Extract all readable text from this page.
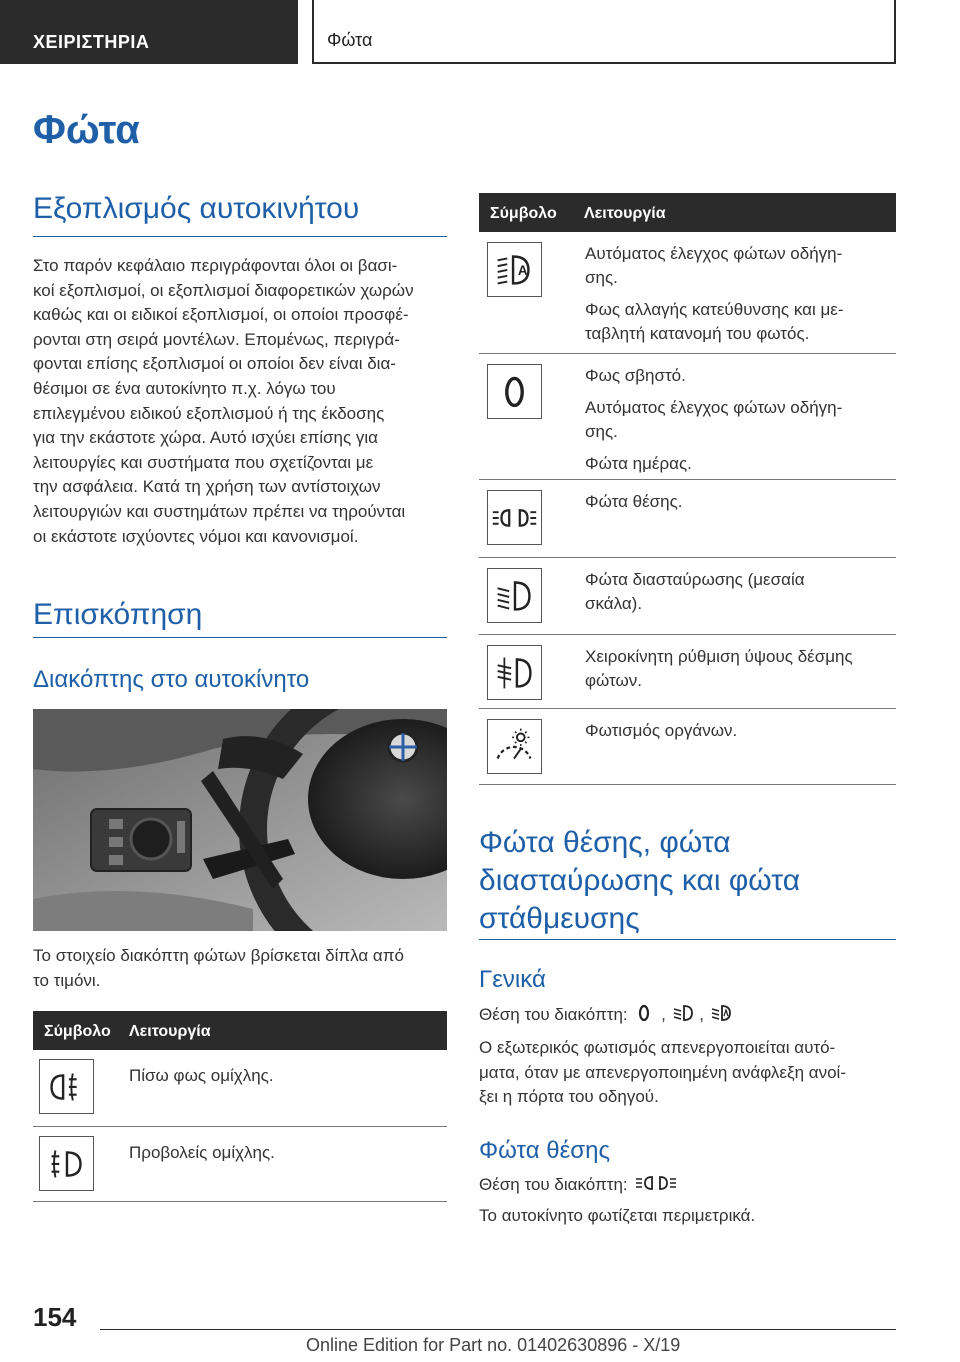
ΧΕΙΡΙΣΤΗΡΙΑ	Φώτα
Φώτα
Εξοπλισμός αυτοκινήτου
Στο παρόν κεφάλαιο περιγράφονται όλοι οι βασι-
κοί εξοπλισμοί, οι εξοπλισμοί διαφορετικών χωρών
καθώς και οι ειδικοί εξοπλισμοί, οι οποίοι προσφέ-
ρονται στη σειρά μοντέλων. Επομένως, περιγρά-
φονται επίσης εξοπλισμοί οι οποίοι δεν είναι δια-
θέσιμοι σε ένα αυτοκίνητο π.χ. λόγω του
επιλεγμένου ειδικού εξοπλισμού ή της έκδοσης
για την εκάστοτε χώρα. Αυτό ισχύει επίσης για
λειτουργίες και συστήματα που σχετίζονται με
την ασφάλεια. Κατά τη χρήση των αντίστοιχων
λειτουργιών και συστημάτων πρέπει να τηρούνται
οι εκάστοτε ισχύοντες νόμοι και κανονισμοί.
Επισκόπηση
Διακόπτης στο αυτοκίνητο
Το στοιχείο διακόπτη φώτων βρίσκεται δίπλα από
το τιμόνι.
Σύμβολο Λειτουργία

Πίσω φως ομίχλης.

Προβολείς ομίχλης.

Σύμβολο Λειτουργία
A

Αυτόματος έλεγχος φώτων οδήγη-
σης.

Φως αλλαγής κατεύθυνσης και με-
ταβλητή κατανομή του φωτός.

Φως σβηστό.

Αυτόματος έλεγχος φώτων οδήγη-
σης.

Φώτα ημέρας.

Φώτα θέσης.

Φώτα διασταύρωσης (μεσαία
σκάλα).

Χειροκίνητη ρύθμιση ύψους δέσμης
φώτων.

Φωτισμός οργάνων.

Φώτα θέσης, φώτα
διασταύρωσης και φώτα
στάθμευσης
Γενικά
Θέση του διακόπτη: , ,
Ο εξωτερικός φωτισμός απενεργοποιείται αυτό-
ματα, όταν με απενεργοποιημένη ανάφλεξη ανοί-
ξει η πόρτα του οδηγού.
Φώτα θέσης
Θέση του διακόπτη:
Το αυτοκίνητο φωτίζεται περιμετρικά.
154
Online Edition for Part no. 01402630896 - X/19
